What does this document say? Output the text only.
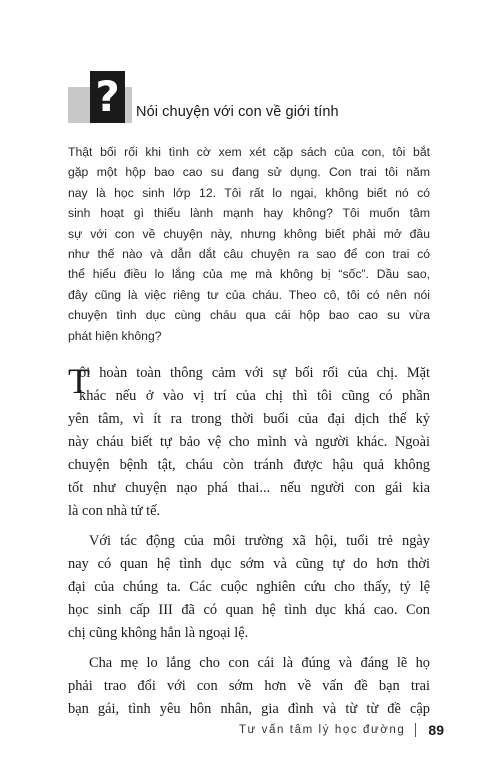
?	Nói chuyện với con về giới tính
Thật bối rối khi tình cờ xem xét cặp sách của con, tôi bắt
gặp một hộp bao cao su đang sử dụng. Con trai tôi năm
nay là học sinh lớp 12. Tôi rất lo ngại, không biết nó có
sinh hoạt gì thiếu lành mạnh hay không? Tôi muốn tâm
sự với con về chuyện này, nhưng không biết phải mở đầu
như thế nào và dẫn dắt câu chuyện ra sao để con trai có
thể hiểu điều lo lắng của mẹ mà không bị “sốc”. Dầu sao,
đây cũng là việc riêng tư của cháu. Theo cô, tôi có nên nói
chuyện tình dục cùng cháu qua cái hộp bao cao su vừa
phát hiện không?
T
ôi hoàn toàn thông cảm với sự bối rối của chị. Mặt
khác nếu ở vào vị trí của chị thì tôi cũng có phần
yên tâm, vì ít ra trong thời buổi của đại dịch thế kỷ
này cháu biết tự bảo vệ cho mình và người khác. Ngoài
chuyện bệnh tật, cháu còn tránh được hậu quả không
tốt như chuyện nạo phá thai... nếu người con gái kia
là con nhà tử tế.
Với tác động của môi trường xã hội, tuổi trẻ ngày
nay có quan hệ tình dục sớm và cũng tự do hơn thời
đại của chúng ta. Các cuộc nghiên cứu cho thấy, tỷ lệ
học sinh cấp III đã có quan hệ tình dục khá cao. Con
chị cũng không hẳn là ngoại lệ.
Cha mẹ lo lắng cho con cái là đúng và đáng lẽ họ
phải trao đổi với con sớm hơn về vấn đề bạn trai
bạn gái, tình yêu hôn nhân, gia đình và từ từ đề cập
Tư vấn tâm lý học đường 89
